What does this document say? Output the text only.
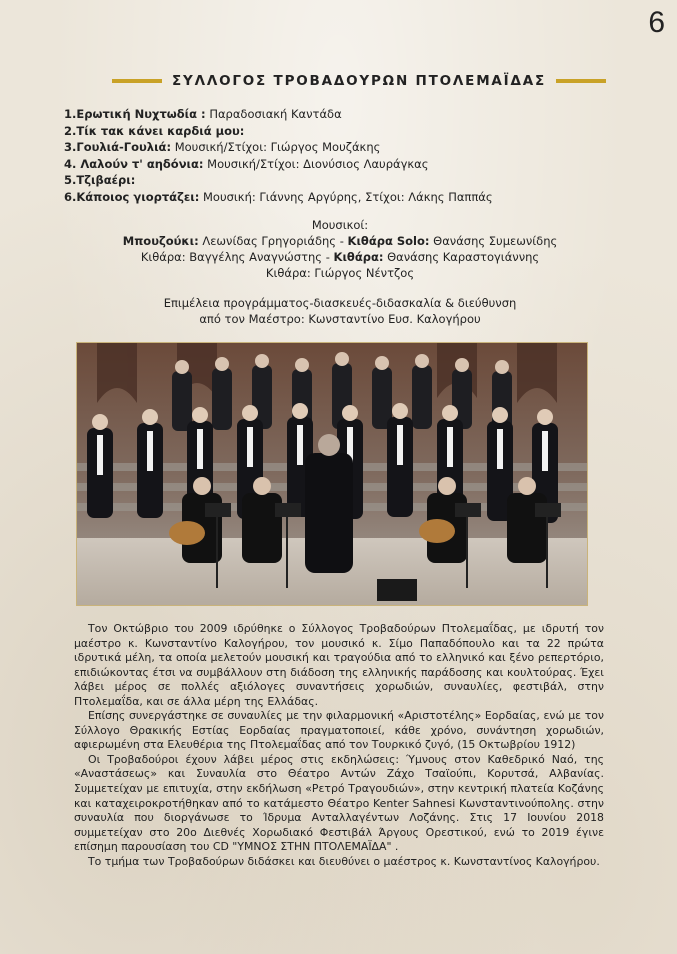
6
ΣΥΛΛΟΓΟΣ ΤΡΟΒΑΔΟΥΡΩΝ ΠΤΟΛΕΜΑΪΔΑΣ
1.Ερωτική Νυχτωδία : Παραδοσιακή Καντάδα
2.Τίκ τακ κάνει καρδιά μου:
3.Γουλιά-Γουλιά: Μουσική/Στίχοι: Γιώργος Μουζάκης
4. Λαλούν τ' αηδόνια: Μουσική/Στίχοι: Διονύσιος Λαυράγκας
5.Τζιβαέρι:
6.Κάποιος γιορτάζει: Μουσική: Γιάννης Αργύρης, Στίχοι: Λάκης Παππάς
Μουσικοί:
Μπουζούκι: Λεωνίδας Γρηγοριάδης - Κιθάρα Solo: Θανάσης Συμεωνίδης
Κιθάρα: Βαγγέλης Αναγνώστης - Κιθάρα: Θανάσης Καραστογιάννης
Κιθάρα: Γιώργος Νέντζος
Επιμέλεια προγράμματος-διασκευές-διδασκαλία & διεύθυνση
από τον Μαέστρο: Κωνσταντίνο Ευσ. Καλογήρου

Τον Οκτώβριο του 2009 ιδρύθηκε ο Σύλλογος Τροβαδούρων Πτολεμαΐδας, με ιδρυτή τον μαέστρο κ. Κωνσταντίνο Καλογήρου, τον μουσικό κ. Σίμο Παπαδόπουλο και τα 22 πρώτα ιδρυτικά μέλη, τα οποία μελετούν μουσική και τραγούδια από το ελληνικό και ξένο ρεπερτόριο, επιδιώκοντας έτσι να συμβάλλουν στη διάδοση της ελληνικής παράδοσης και κουλτούρας. Έχει λάβει μέρος σε πολλές αξιόλογες συναντήσεις χορωδιών, συναυλίες, φεστιβάλ, στην Πτολεμαΐδα, και σε άλλα μέρη της Ελλάδας.

Επίσης συνεργάστηκε σε συναυλίες με την φιλαρμονική «Αριστοτέλης» Εορδαίας, ενώ με τον Σύλλογο Θρακικής Εστίας Εορδαίας πραγματοποιεί, κάθε χρόνο, συνάντηση χορωδιών, αφιερωμένη στα Ελευθέρια της Πτολεμαΐδας από τον Τουρκικό ζυγό, (15 Οκτωβρίου 1912)

Οι Τροβαδούροι έχουν λάβει μέρος στις εκδηλώσεις: Ύμνους στον Καθεδρικό Ναό, της «Αναστάσεως» και Συναυλία στο Θέατρο Αντών Ζάχο Τσαϊούπι, Κορυτσά, Αλβανίας. Συμμετείχαν με επιτυχία, στην εκδήλωση «Ρετρό Τραγουδιών», στην κεντρική πλατεία Κοζάνης και καταχειροκροτήθηκαν από το κατάμεστο Θέατρο Kenter Sahnesi Κωνσταντινούπολης. στην συναυλία που διοργάνωσε το Ίδρυμα Ανταλλαγέντων Λοζάνης. Στις 17 Ιουνίου 2018 συμμετείχαν στο 20ο Διεθνές Χορωδιακό Φεστιβάλ Άργους Ορεστικού, ενώ το 2019 έγινε επίσημη παρουσίαση του CD "ΥΜΝΟΣ ΣΤΗΝ ΠΤΟΛΕΜΑΪΔΑ" .

Το τμήμα των Τροβαδούρων διδάσκει και διευθύνει ο μαέστρος κ. Κωνσταντίνος Καλογήρου.
